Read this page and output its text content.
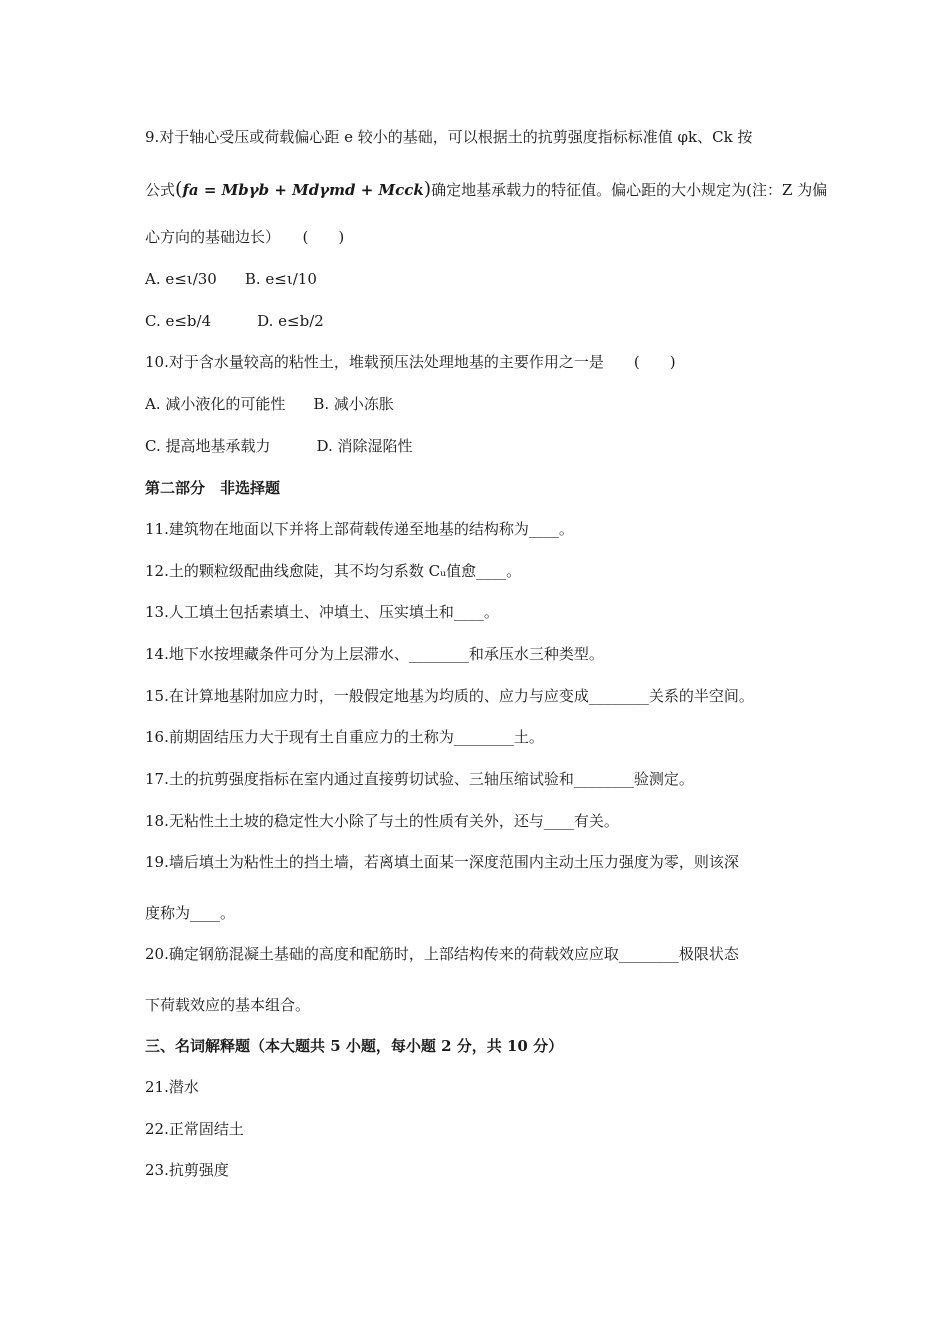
9.对于轴心受压或荷载偏心距 e 较小的基础，可以根据土的抗剪强度指标标准值 φk、Ck 按
公式(fa = Mbγb + Mdγmd + Mcck)确定地基承载力的特征值。偏心距的大小规定为(注：Z 为偏
心方向的基础边长）　　(　　)
A. e≤ι/30 B. e≤ι/10
C. e≤b/4	D. e≤b/2
10.对于含水量较高的粘性土，堆载预压法处理地基的主要作用之一是　　(　　)
A. 减小液化的可能性 B. 减小冻胀
C. 提高地基承载力	D. 消除湿陷性
第二部分　非选择题
11.建筑物在地面以下并将上部荷载传递至地基的结构称为____。
12.土的颗粒级配曲线愈陡，其不均匀系数 Cᵤ值愈____。
13.人工填土包括素填土、冲填土、压实填土和____。
14.地下水按埋藏条件可分为上层滞水、________和承压水三种类型。
15.在计算地基附加应力时，一般假定地基为均质的、应力与应变成________关系的半空间。
16.前期固结压力大于现有土自重应力的土称为________土。
17.土的抗剪强度指标在室内通过直接剪切试验、三轴压缩试验和________验测定。
18.无粘性土土坡的稳定性大小除了与土的性质有关外，还与____有关。
19.墙后填土为粘性土的挡土墙，若离填土面某一深度范围内主动土压力强度为零，则该深
度称为____。
20.确定钢筋混凝土基础的高度和配筋时，上部结构传来的荷载效应应取________极限状态
下荷载效应的基本组合。
三、名词解释题（本大题共 5 小题，每小题 2 分，共 10 分）
21.潜水
22.正常固结土
23.抗剪强度
